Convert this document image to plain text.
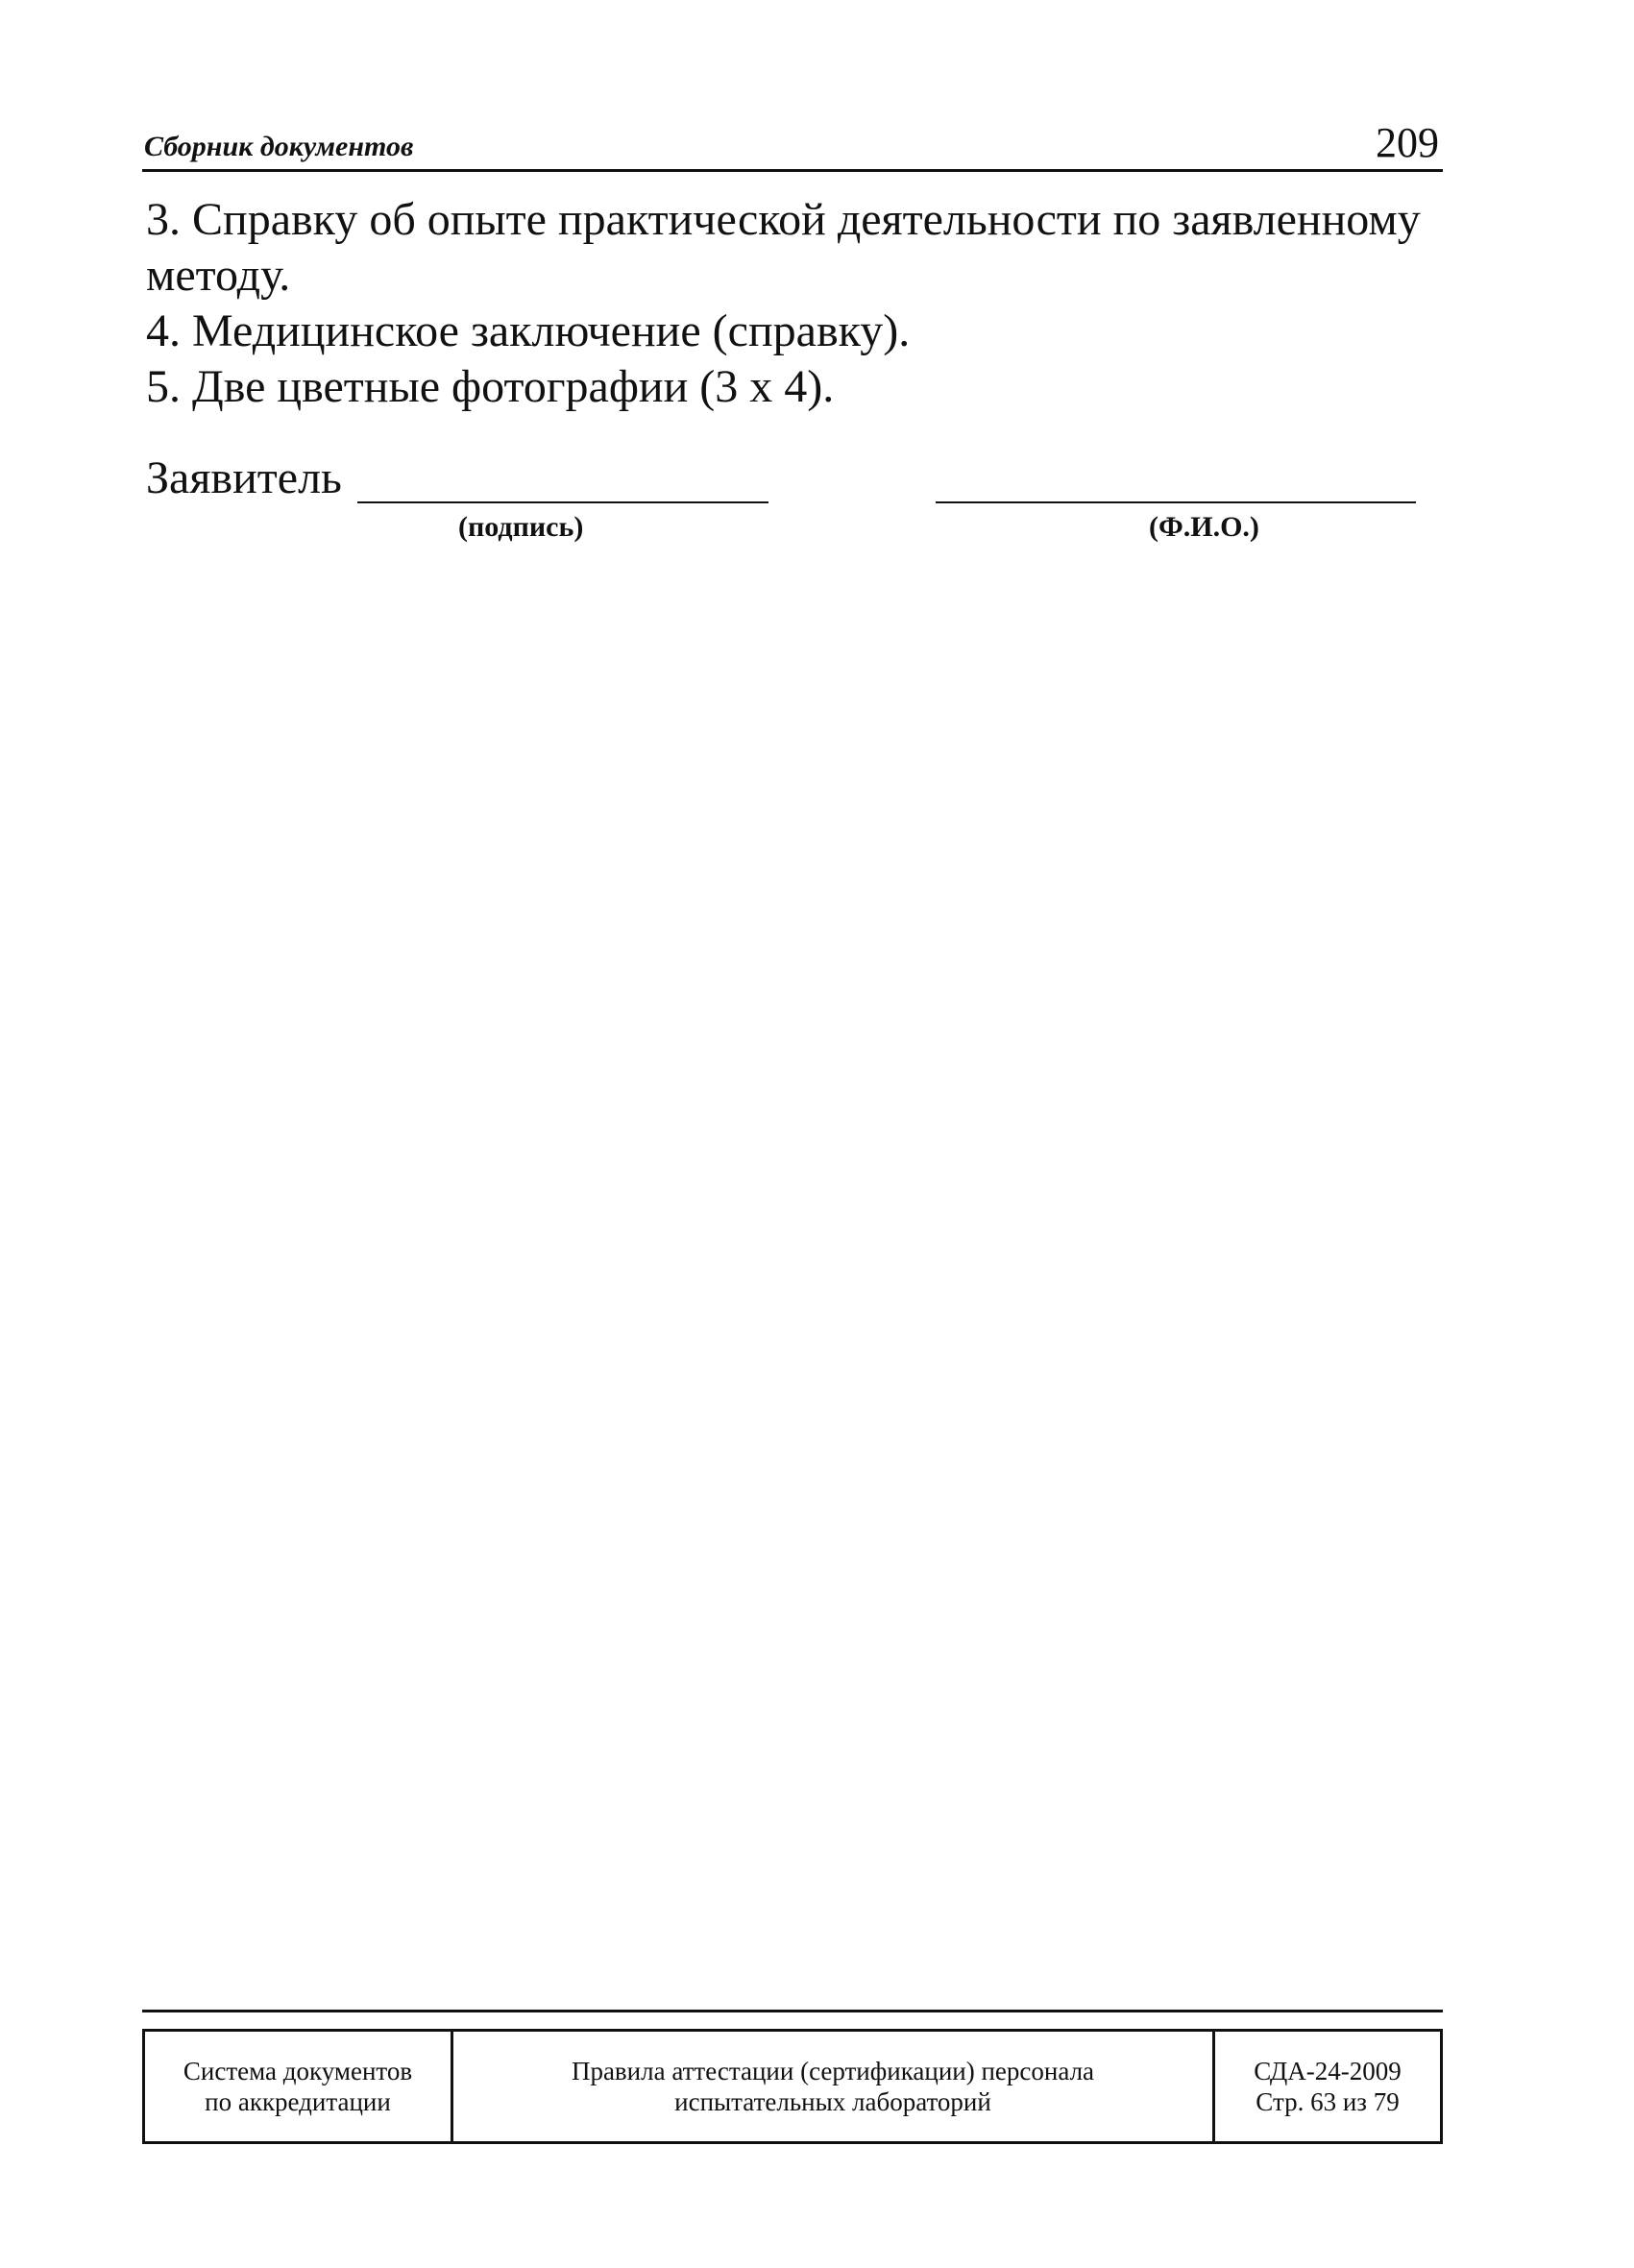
Сборник документов	209

3. Справку об опыте практической деятельности по заявленному методу.

4. Медицинское заключение (справку).

5. Две цветные фотографии (3 х 4).

Заявитель
(подпись)	(Ф.И.О.)
Система документов
по аккредитации
Правила аттестации (сертификации) персонала
испытательных лабораторий
СДА-24-2009
Стр. 63 из 79
